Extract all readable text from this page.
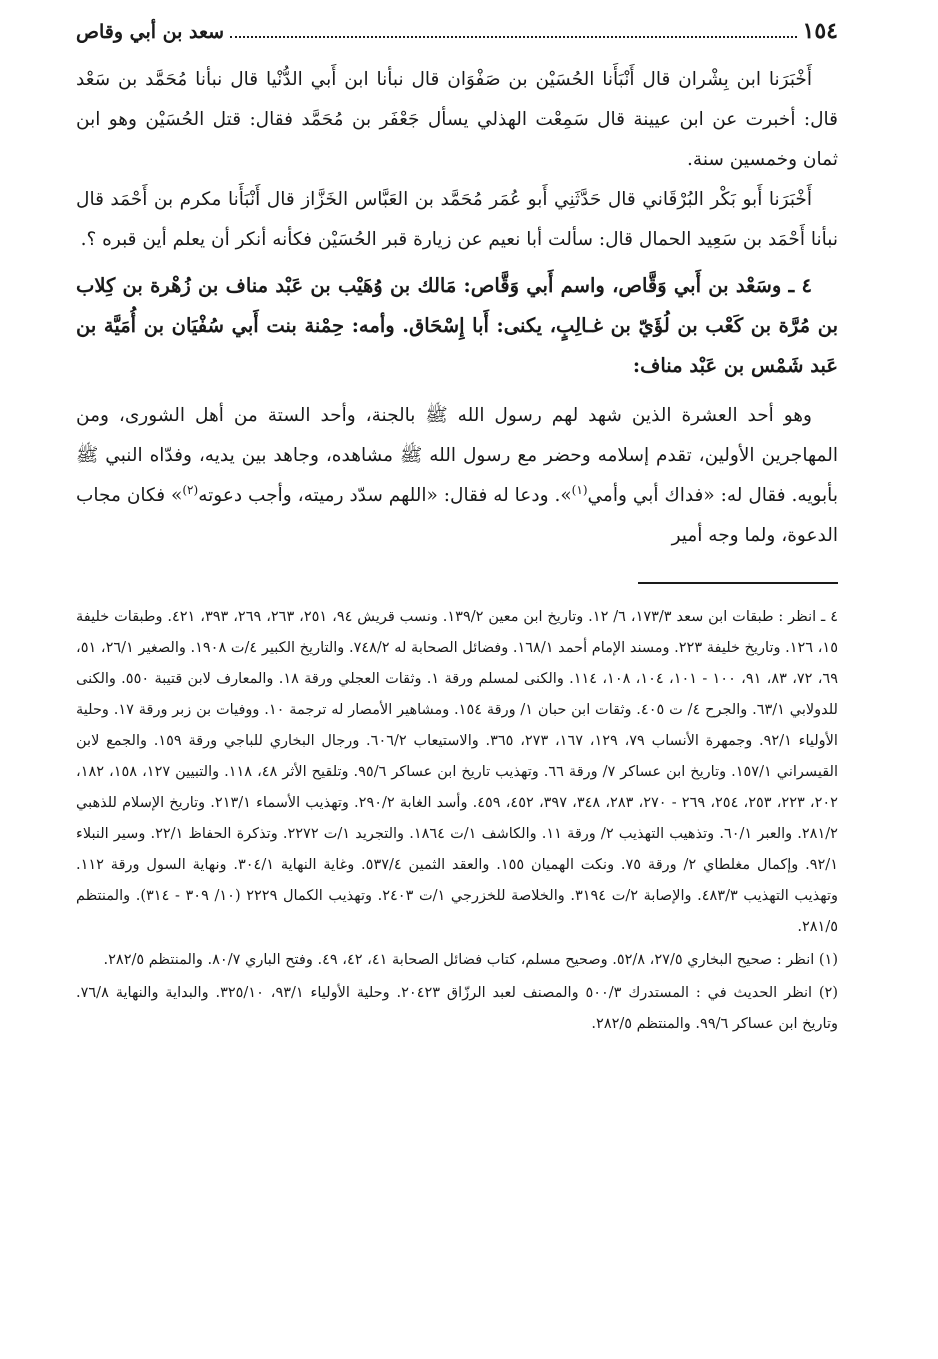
١٥٤
سعد بن أبي وقاص

أَخْبَرَنا ابن بِشْران قال أَنْبَأَنا الحُسَيْن بن صَفْوَان قال نبأنا ابن أَبي الدُّنْيا قال نبأنا مُحَمَّد بن سَعْد قال: أخبرت عن ابن عيينة قال سَمِعْت الهذلي يسأل جَعْفَر بن مُحَمَّد فقال: قتل الحُسَيْن وهو ابن ثمان وخمسين سنة.

أَخْبَرَنا أَبو بَكْر البُرْقَاني قال حَدَّثَنِي أَبو عُمَر مُحَمَّد بن العَبَّاس الخَزَّاز قال أَنْبَأَنا مكرم بن أَحْمَد قال نبأنا أَحْمَد بن سَعِيد الحمال قال: سألت أبا نعيم عن زيارة قبر الحُسَيْن فكأنه أنكر أن يعلم أين قبره ؟.

٤ ـ وسَعْد بن أَبي وَقَّاص، واسم أَبي وَقَّاص: مَالك بن وُهَيْب بن عَبْد مناف بن زُهْرة بن كِلاب بن مُرَّة بن كَعْب بن لُؤَيّ بن غـالِبٍ، يكنى: أَبا إِسْحَاق. وأمه: حِمْنة بنت أَبي سُفْيَان بن أُمَيَّة بن عَبد شَمْس بن عَبْد مناف:

وهو أحد العشرة الذين شهد لهم رسول الله ﷺ بالجنة، وأحد الستة من أهل الشورى، ومن المهاجرين الأولين، تقدم إسلامه وحضر مع رسول الله ﷺ مشاهده، وجاهد بين يديه، وفدّاه النبي ﷺ بأبويه. فقال له: «فداك أبي وأمي$^{(١)}$». ودعا له فقال: «اللهم سدّد رميته، وأجب دعوته$^{(٢)}$» فكان مجاب الدعوة، ولما وجه أمير

٤ ـ انظر : طبقات ابن سعد ١٧٣/٣، ٦/ ١٢. وتاريخ ابن معين ١٣٩/٢. ونسب قريش ٩٤، ٢٥١، ٢٦٣، ٢٦٩، ٣٩٣، ٤٢١. وطبقات خليفة ١٥، ١٢٦. وتاريخ خليفة ٢٢٣. ومسند الإمام أحمد ١٦٨/١. وفضائل الصحابة له ٧٤٨/٢. والتاريخ الكبير ٤/ت ١٩٠٨. والصغير ٢٦/١، ٥١، ٦٩، ٧٢، ٨٣، ٩١، ١٠٠ - ١٠١، ١٠٤، ١٠٨، ١١٤. والكنى لمسلم ورقة ١. وثقات العجلي ورقة ١٨. والمعارف لابن قتيبة ٥٥٠. والكنى للدولابي ٦٣/١. والجرح ٤/ ت ٤٠٥. وثقات ابن حبان ١/ ورقة ١٥٤. ومشاهير الأمصار له ترجمة ١٠. ووفيات بن زبر ورقة ١٧. وحلية الأولياء ٩٢/١. وجمهرة الأنساب ٧٩، ١٢٩، ١٦٧، ٢٧٣، ٣٦٥. والاستيعاب ٦٠٦/٢. ورجال البخاري للباجي ورقة ١٥٩. والجمع لابن القيسراني ١٥٧/١. وتاريخ ابن عساكر ٧/ ورقة ٦٦. وتهذيب تاريخ ابن عساكر ٩٥/٦. وتلقيح الأثر ٤٨، ١١٨. والتبيين ١٢٧، ١٥٨، ١٨٢، ٢٠٢، ٢٢٣، ٢٥٣، ٢٥٤، ٢٦٩ - ٢٧٠، ٢٨٣، ٣٤٨، ٣٩٧، ٤٥٢، ٤٥٩. وأسد الغابة ٢٩٠/٢. وتهذيب الأسماء ٢١٣/١. وتاريخ الإسلام للذهبي ٢٨١/٢. والعبر ٦٠/١. وتذهيب التهذيب ٢/ ورقة ١١. والكاشف ١/ت ١٨٦٤. والتجريد ١/ت ٢٢٧٢. وتذكرة الحفاظ ٢٢/١. وسير النبلاء ٩٢/١. وإكمال مغلطاي ٢/ ورقة ٧٥. ونكت الهميان ١٥٥. والعقد الثمين ٥٣٧/٤. وغاية النهاية ٣٠٤/١. ونهاية السول ورقة ١١٢. وتهذيب التهذيب ٤٨٣/٣. والإصابة ٢/ت ٣١٩٤. والخلاصة للخزرجي ١/ت ٢٤٠٣. وتهذيب الكمال ٢٢٢٩ (١٠/ ٣٠٩ - ٣١٤). والمنتظم ٢٨١/٥.

(١) انظر : صحيح البخاري ٢٧/٥، ٥٢/٨. وصحيح مسلم، كتاب فضائل الصحابة ٤١، ٤٢، ٤٩. وفتح الباري ٨٠/٧. والمنتظم ٢٨٢/٥.

(٢) انظر الحديث في : المستدرك ٥٠٠/٣ والمصنف لعبد الرزّاق ٢٠٤٢٣. وحلية الأولياء ٩٣/١، ٣٢٥/١٠. والبداية والنهاية ٧٦/٨. وتاريخ ابن عساكر ٩٩/٦. والمنتظم ٢٨٢/٥.
